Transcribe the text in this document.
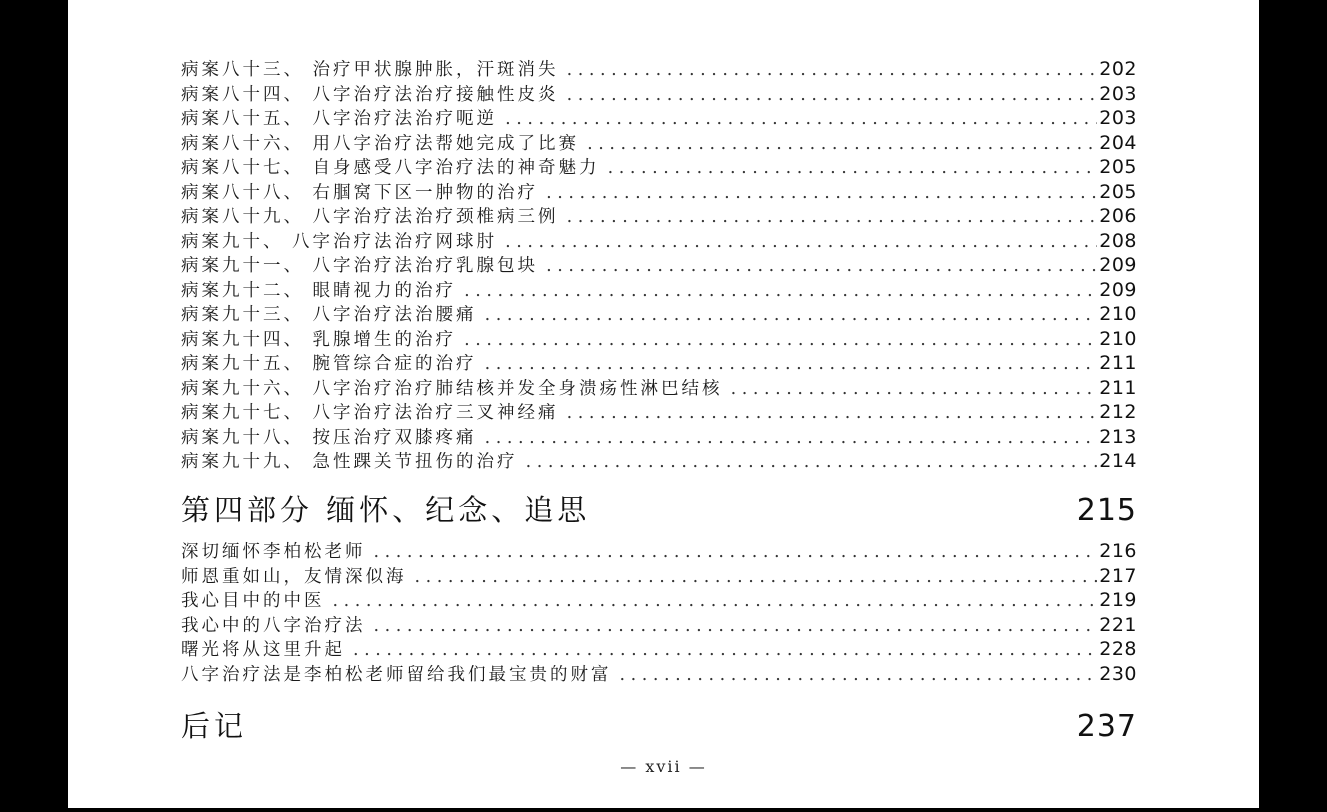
病案八十三、 治疗甲状腺肿胀，汗斑消失 . . .	202
病案八十四、 八字治疗法治疗接触性皮炎 . . .	203
病案八十五、 八字治疗法治疗呃逆 . . .	203
病案八十六、 用八字治疗法帮她完成了比赛 . . .	204
病案八十七、 自身感受八字治疗法的神奇魅力 . . .	205
病案八十八、 右腘窝下区一肿物的治疗 . . .	205
病案八十九、 八字治疗法治疗颈椎病三例 . . .	206
病案九十、 八字治疗法治疗网球肘 . . .	208
病案九十一、 八字治疗法治疗乳腺包块 . . .	209
病案九十二、 眼睛视力的治疗 . . .	209
病案九十三、 八字治疗法治腰痛 . . .	210
病案九十四、 乳腺增生的治疗 . . .	210
病案九十五、 腕管综合症的治疗 . . .	211
病案九十六、 八字治疗治疗肺结核并发全身溃疡性淋巴结核 . . .	211
病案九十七、 八字治疗法治疗三叉神经痛 . . .	212
病案九十八、 按压治疗双膝疼痛 . . .	213
病案九十九、 急性踝关节扭伤的治疗 . . .	214
第四部分 缅怀、纪念、追思	215
深切缅怀李柏松老师 . . .	216
师恩重如山，友情深似海 . . .	217
我心目中的中医 . . .	219
我心中的八字治疗法 . . .	221
曙光将从这里升起 . . .	228
八字治疗法是李柏松老师留给我们最宝贵的财富 . . .	230
后记	237
— xvii —
